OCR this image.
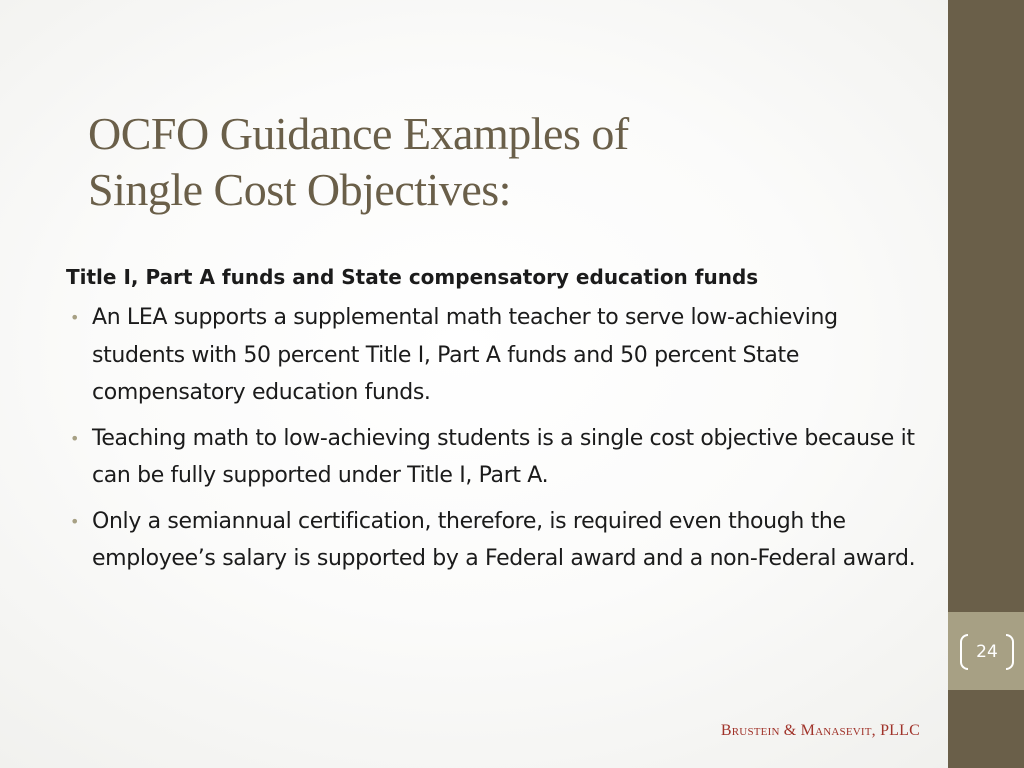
24
OCFO Guidance Examples of
Single Cost Objectives:

Title I, Part A funds and State compensatory education funds

• An LEA supports a supplemental math teacher to serve low-achieving students with 50 percent Title I, Part A funds and 50 percent State compensatory education funds.
• Teaching math to low-achieving students is a single cost objective because it can be fully supported under Title I, Part A.
• Only a semiannual certification, therefore, is required even though the employee’s salary is supported by a Federal award and a non-Federal award.
Brustein & Manasevit, PLLC
